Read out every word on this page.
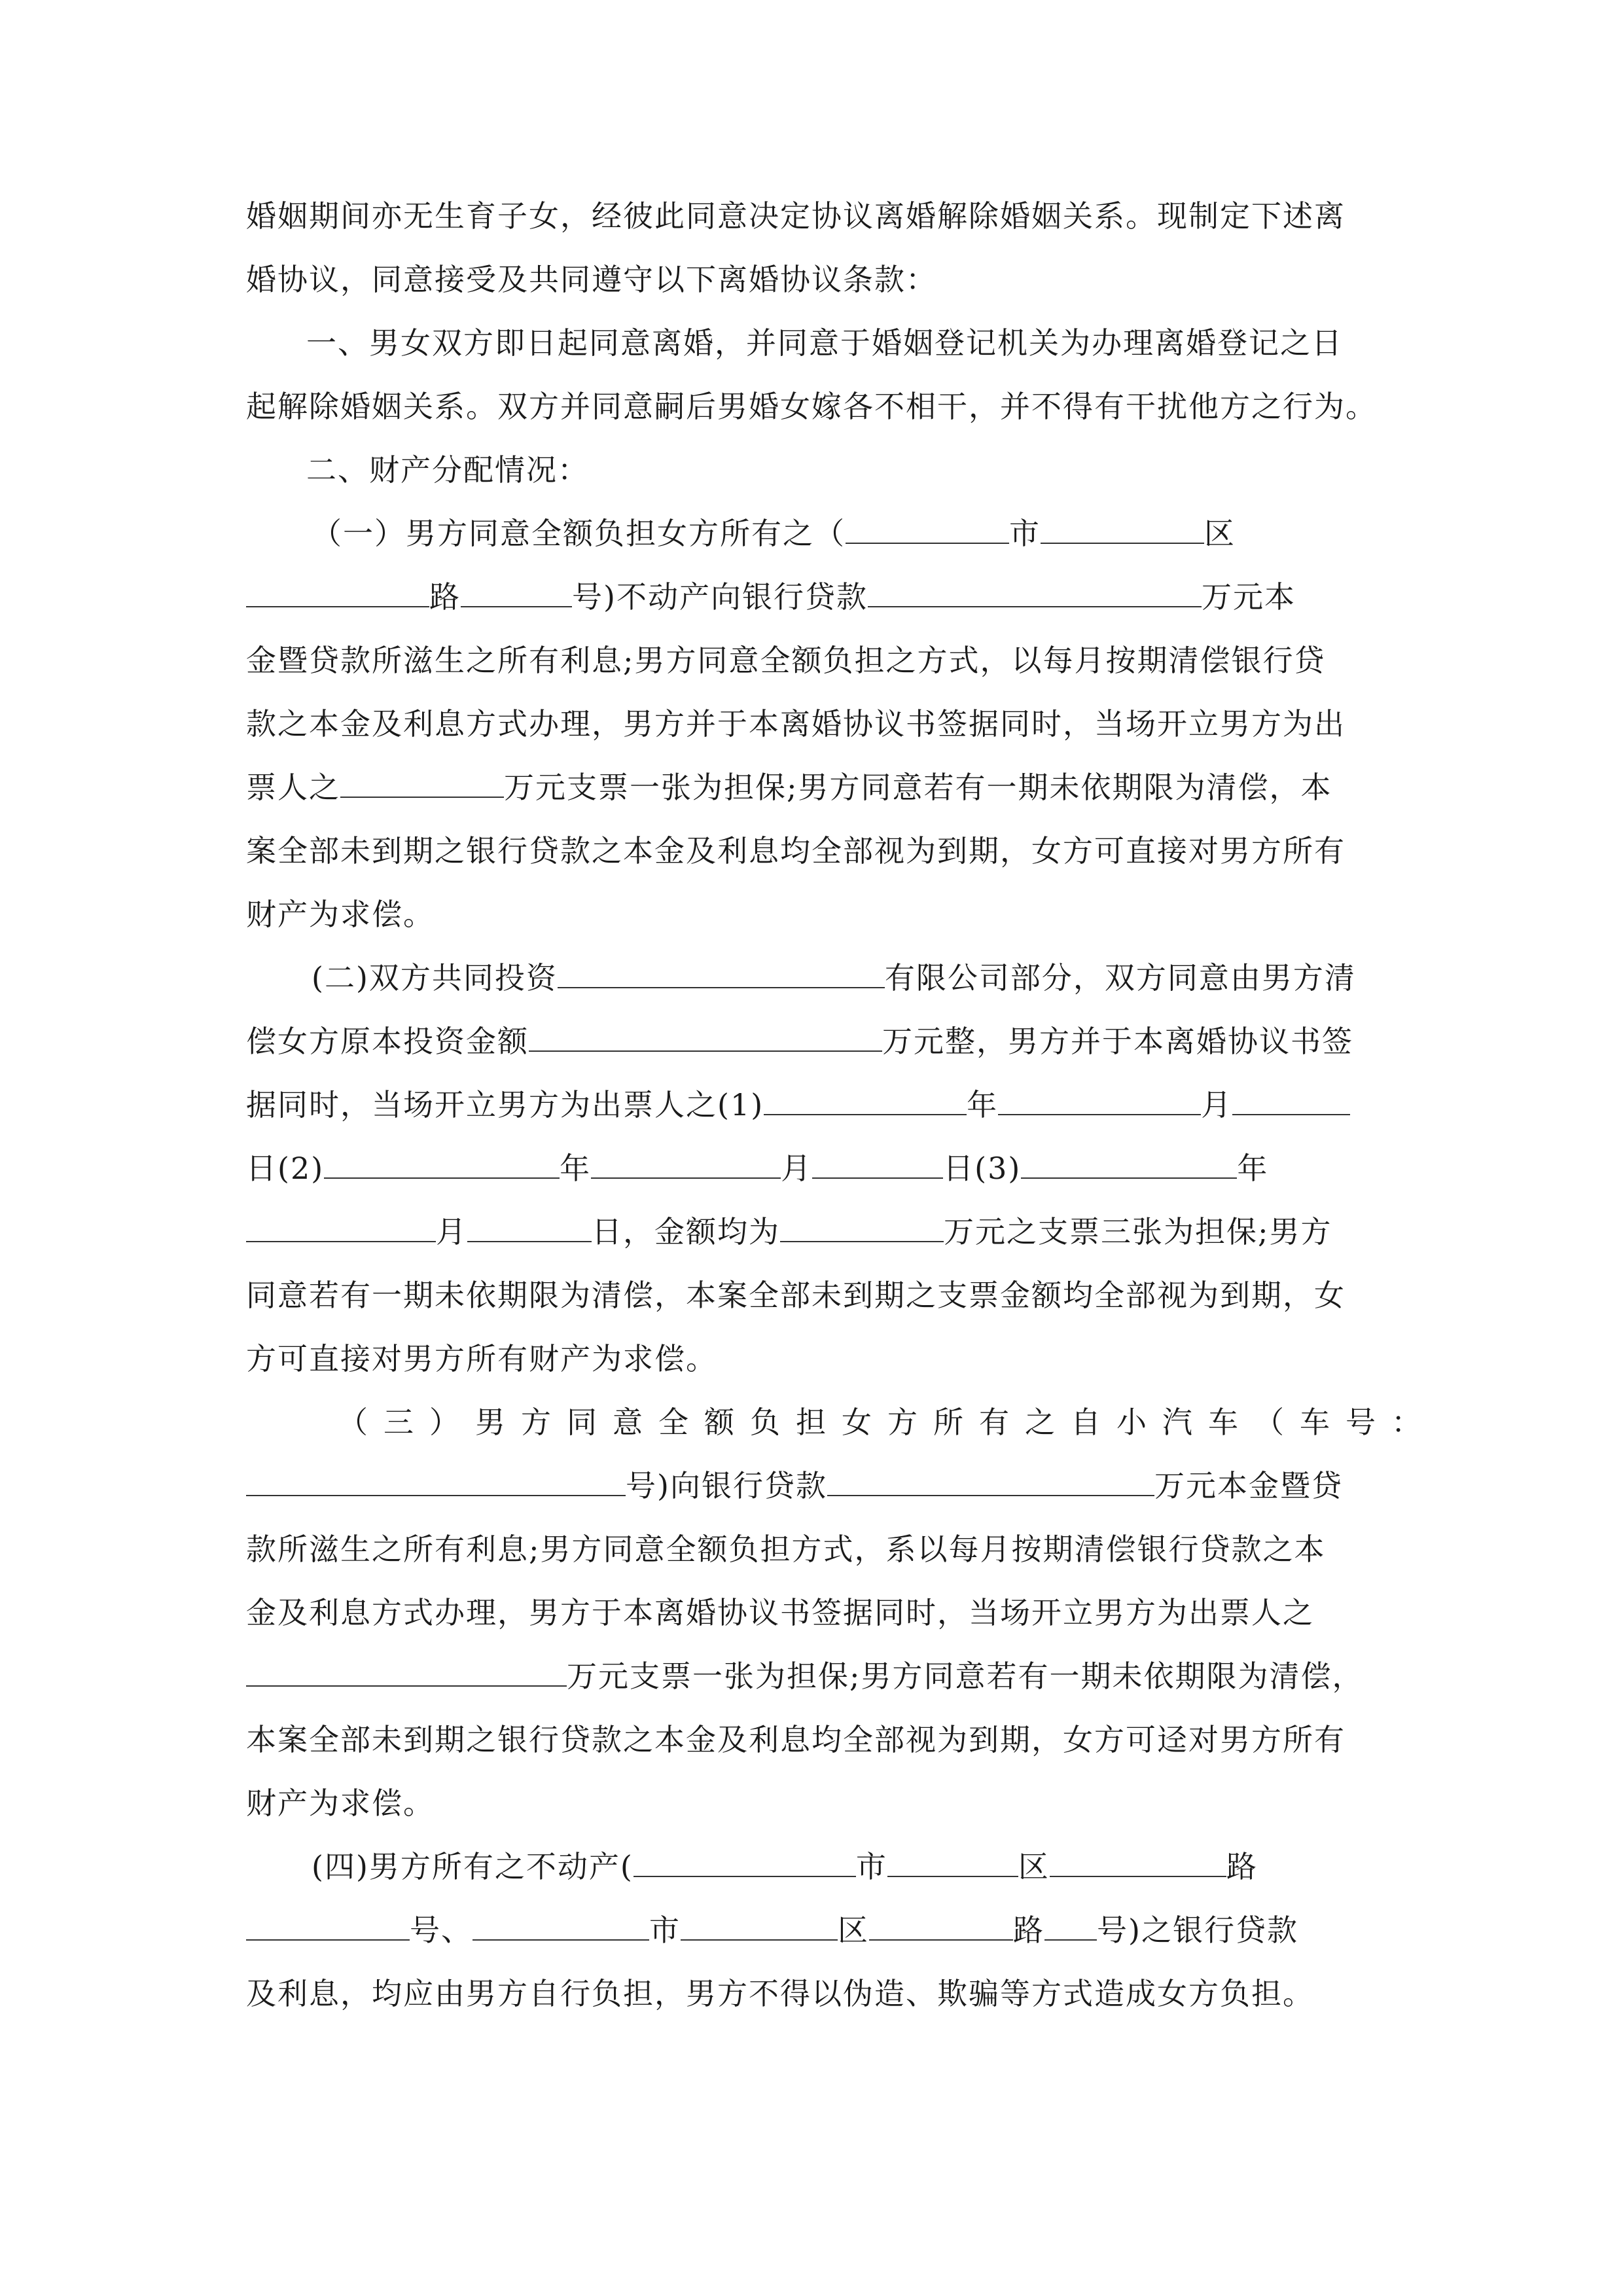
婚姻期间亦无生育子女，经彼此同意决定协议离婚解除婚姻关系。现制定下述离
婚协议，同意接受及共同遵守以下离婚协议条款：
一、男女双方即日起同意离婚，并同意于婚姻登记机关为办理离婚登记之日
起解除婚姻关系。双方并同意嗣后男婚女嫁各不相干，并不得有干扰他方之行为。
二、财产分配情况：
（一）男方同意全额负担女方所有之（	市	区
路	号)不动产向银行贷款	万元本
金暨贷款所滋生之所有利息;男方同意全额负担之方式，以每月按期清偿银行贷
款之本金及利息方式办理，男方并于本离婚协议书签据同时，当场开立男方为出
票人之	万元支票一张为担保;男方同意若有一期未依期限为清偿，本
案全部未到期之银行贷款之本金及利息均全部视为到期，女方可直接对男方所有
财产为求偿。
(二)双方共同投资	有限公司部分，双方同意由男方清
偿女方原本投资金额	万元整，男方并于本离婚协议书签
据同时，当场开立男方为出票人之(1)	年	月
日(2)	年	月	日(3)	年
月	日，金额均为	万元之支票三张为担保;男方
同意若有一期未依期限为清偿，本案全部未到期之支票金额均全部视为到期，女
方可直接对男方所有财产为求偿。
（三）男方同意全额负担女方所有之自小汽车（车号：
号)向银行贷款	万元本金暨贷
款所滋生之所有利息;男方同意全额负担方式，系以每月按期清偿银行贷款之本
金及利息方式办理，男方于本离婚协议书签据同时，当场开立男方为出票人之
万元支票一张为担保;男方同意若有一期未依期限为清偿，
本案全部未到期之银行贷款之本金及利息均全部视为到期，女方可迳对男方所有
财产为求偿。
(四)男方所有之不动产(	市	区	路
号、	市	区	路 号)之银行贷款
及利息，均应由男方自行负担，男方不得以伪造、欺骗等方式造成女方负担。
